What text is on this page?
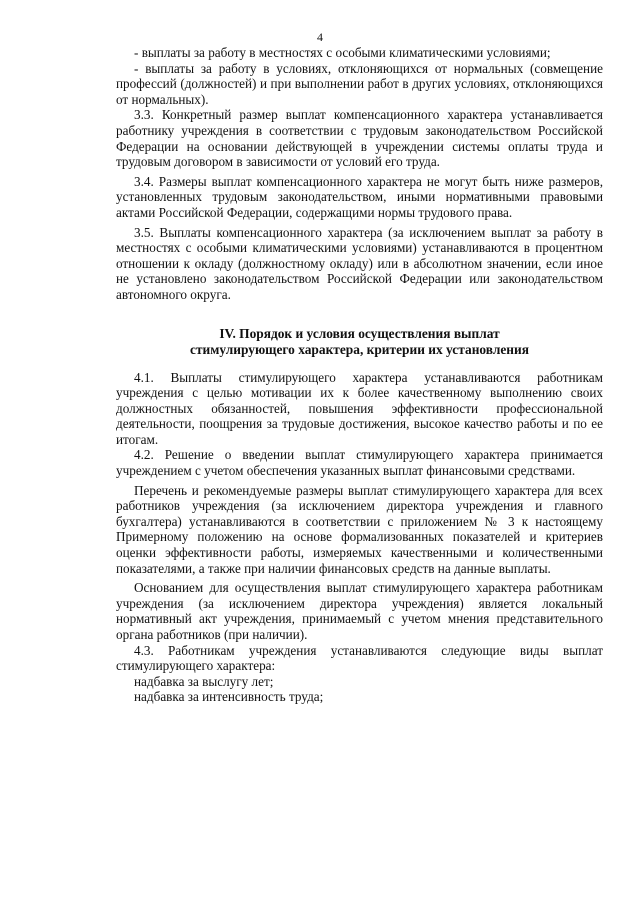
4

- выплаты за работу в местностях с особыми климатическими условиями;

- выплаты за работу в условиях, отклоняющихся от нормальных (совмещение профессий (должностей) и при выполнении работ в других условиях, отклоняющихся от нормальных).

3.3. Конкретный размер выплат компенсационного характера устанавливается работнику учреждения в соответствии с трудовым законодательством Российской Федерации на основании действующей в учреждении системы оплаты труда и трудовым договором в зависимости от условий его труда.

3.4. Размеры выплат компенсационного характера не могут быть ниже размеров, установленных трудовым законодательством, иными нормативными правовыми актами Российской Федерации, содержащими нормы трудового права.

3.5. Выплаты компенсационного характера (за исключением выплат за работу в местностях с особыми климатическими условиями) устанавливаются в процентном отношении к окладу (должностному окладу) или в абсолютном значении, если иное не установлено законодательством Российской Федерации или законодательством автономного округа.

IV. Порядок и условия осуществления выплат
стимулирующего характера, критерии их установления

4.1. Выплаты стимулирующего характера устанавливаются работникам учреждения с целью мотивации их к более качественному выполнению своих должностных обязанностей, повышения эффективности профессиональной деятельности, поощрения за трудовые достижения, высокое качество работы и по ее итогам.

4.2. Решение о введении выплат стимулирующего характера принимается учреждением с учетом обеспечения указанных выплат финансовыми средствами.

Перечень и рекомендуемые размеры выплат стимулирующего характера для всех работников учреждения (за исключением директора учреждения и главного бухгалтера) устанавливаются в соответствии с приложением № 3 к настоящему Примерному положению на основе формализованных показателей и критериев оценки эффективности работы, измеряемых качественными и количественными показателями, а также при наличии финансовых средств на данные выплаты.

Основанием для осуществления выплат стимулирующего характера работникам учреждения (за исключением директора учреждения) является локальный нормативный акт учреждения, принимаемый с учетом мнения представительного органа работников (при наличии).

4.3. Работникам учреждения устанавливаются следующие виды выплат стимулирующего характера:

надбавка за выслугу лет;

надбавка за интенсивность труда;
